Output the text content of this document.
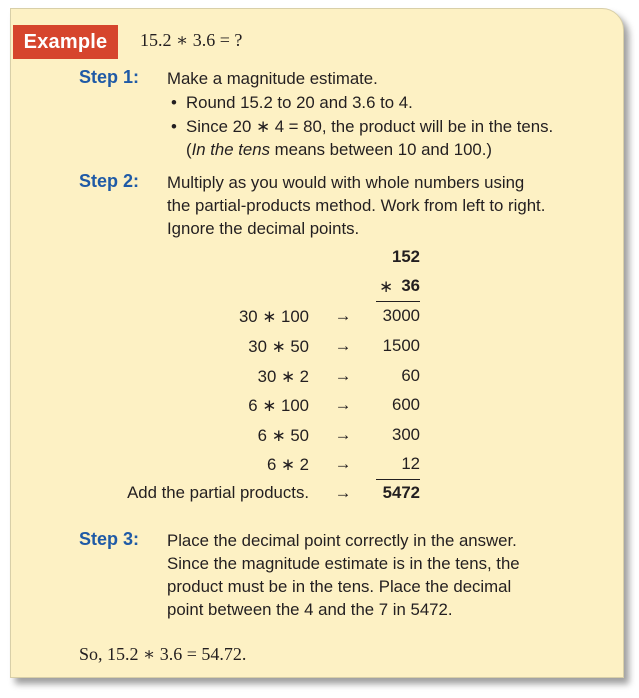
Example	15.2 ∗ 3.6 = ?
Step 1: Make a magnitude estimate.
• Round 15.2 to 20 and 3.6 to 4.
• Since 20 ∗ 4 = 80, the product will be in the tens.
(In the tens means between 10 and 100.)
Step 2: Multiply as you would with whole numbers using
the partial-products method. Work from left to right.
Ignore the decimal points.
152
∗ 36
30 ∗ 100 → 3000
30 ∗ 50 → 1500
30 ∗ 2 →	60
6 ∗ 100 → 600
6 ∗ 50 → 300
6 ∗ 2 →	12
Add the partial products. → 5472
Step 3: Place the decimal point correctly in the answer.
Since the magnitude estimate is in the tens, the
product must be in the tens. Place the decimal
point between the 4 and the 7 in 5472.
So, 15.2 ∗ 3.6 = 54.72.
